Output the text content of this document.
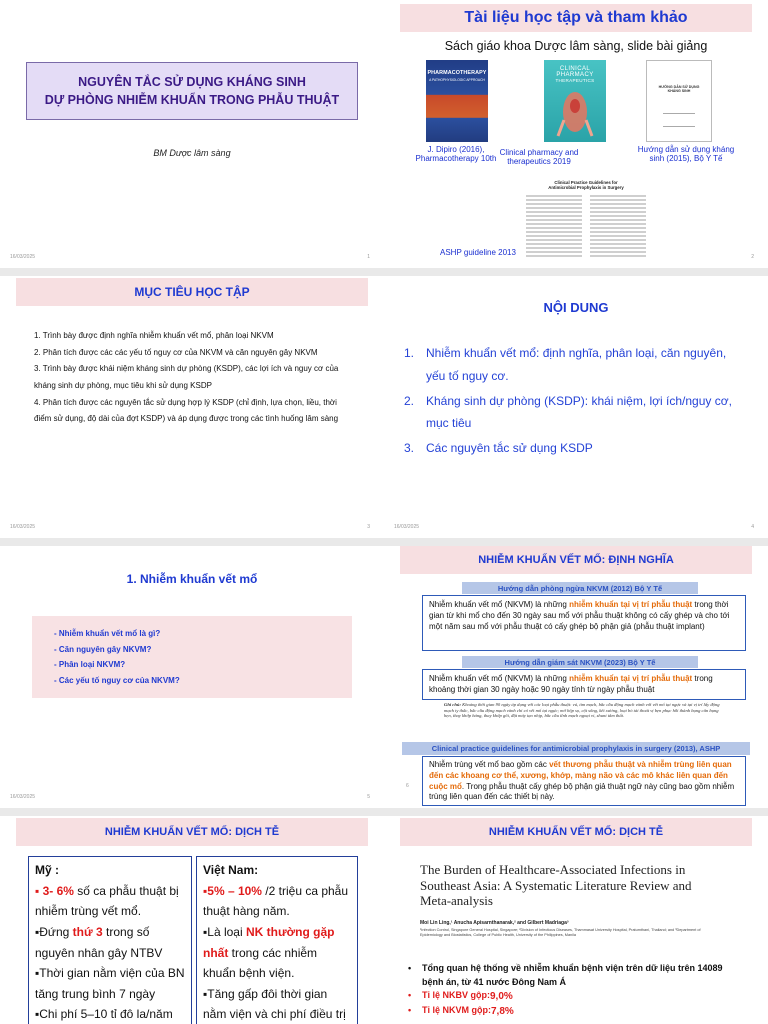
NGUYÊN TẮC SỬ DỤNG KHÁNG SINH
DỰ PHÒNG NHIỄM KHUẨN TRONG PHẪU THUẬT
BM Dược lâm sàng
16/03/2025	1
Tài liệu học tập và tham khảo
Sách giáo khoa Dược lâm sàng, slide bài giảng
PHARMACOTHERAPY
A PATHOPHYSIOLOGIC APPROACH
J. Dipiro (2016), Pharmacotherapy 10th
CLINICAL
PHARMACY
THERAPEUTICS
Clinical pharmacy and therapeutics 2019
HƯỚNG DẪN SỬ DỤNG KHÁNG SINH
Hướng dẫn sử dụng kháng sinh (2015), Bộ Y Tế
Clinical Practice Guidelines for Antimicrobial Prophylaxis in Surgery
ASHP guideline 2013	2
MỤC TIÊU HỌC TẬP
1. Trình bày được định nghĩa nhiễm khuẩn vết mổ, phân loại NKVM
2. Phân tích được các các yếu tố nguy cơ của NKVM và căn nguyên gây NKVM
3. Trình bày được khái niệm kháng sinh dự phòng (KSDP), các lợi ích và nguy cơ của kháng sinh dự phòng, mục tiêu khi sử dụng KSDP
4. Phân tích được các nguyên tắc sử dụng hợp lý KSDP (chỉ định, lựa chọn, liều, thời điểm sử dụng, độ dài của đợt KSDP) và áp dụng được trong các tình huống lâm sàng
16/03/2025	3
NỘI DUNG
1. Nhiễm khuẩn vết mổ: định nghĩa, phân loại, căn nguyên, yếu tố nguy cơ.
2. Kháng sinh dự phòng (KSDP): khái niệm, lợi ích/nguy cơ, mục tiêu
3. Các nguyên tắc sử dụng KSDP
16/03/2025	4
1. Nhiễm khuẩn vết mổ
- Nhiễm khuẩn vết mổ là gì?
- Căn nguyên gây NKVM?
- Phân loại NKVM?
- Các yếu tố nguy cơ của NKVM?
16/03/2025	5
NHIỄM KHUẨN VẾT MỔ: ĐỊNH NGHĨA
Hướng dẫn phòng ngừa NKVM (2012) Bộ Y Tế
Nhiễm khuẩn vết mổ (NKVM) là những nhiễm khuẩn tại vị trí phẫu thuật trong thời gian từ khi mổ cho đến 30 ngày sau mổ với phẫu thuật không có cấy ghép và cho tới một năm sau mổ với phẫu thuật có cấy ghép bộ phận giả (phẫu thuật implant)
Hướng dẫn giám sát NKVM (2023) Bộ Y Tế
Nhiễm khuẩn vết mổ (NKVM) là những nhiễm khuẩn tại vị trí phẫu thuật trong khoảng thời gian 30 ngày hoặc 90 ngày tính từ ngày phẫu thuật
Ghi chú: Khoảng thời gian 90 ngày áp dụng với các loại phẫu thuật: vú, tim mạch, bắc cầu động mạch vành với vết mổ tại ngực và tại vị trí lấy động mạch ty thắc, bắc cầu động mạch vành chỉ có vết mổ tại ngực; mở hộp sọ, cột sống, kết xương, loại bỏ tài thoát vị bẹn phục hồi thành bụng cân bụng hẹn, thay khớp háng, thay khớp gối, đặt máy tạo nhịp, bắc cầu tĩnh mạch ngoại vi, shunt tâm thất.
Clinical practice guidelines for antimicrobial prophylaxis in surgery (2013), ASHP
Nhiễm trùng vết mổ bao gồm các vết thương phẫu thuật và nhiễm trùng liên quan đến các khoang cơ thể, xương, khớp, màng não và các mô khác liên quan đến cuộc mổ. Trong phẫu thuật cấy ghép bộ phận giả thuật ngữ này cũng bao gồm nhiễm trùng liên quan đến các thiết bị này.
6
NHIỄM KHUẨN VẾT MỔ: DỊCH TỄ
Mỹ :
▪ 3- 6% số ca phẫu thuật bị nhiễm trùng vết mổ.
▪Đứng thứ 3 trong số nguyên nhân gây NTBV
▪Thời gian nằm viện của BN tăng trung bình 7 ngày
▪Chi phí 5–10 tỉ đô la/năm
Việt Nam:
▪5% – 10% /2 triệu ca phẫu thuật hàng năm.
▪Là loại NK thường gặp nhất trong các nhiễm khuẩn bệnh viện.
▪Tăng gấp đôi thời gian nằm viện và chi phí điều trị
NHIỄM KHUẨN VẾT MỔ: DỊCH TỄ
The Burden of Healthcare-Associated Infections in Southeast Asia: A Systematic Literature Review and Meta-analysis
Moi Lin Ling,¹ Anucha Apisarnthanarak,² and Gilbert Madriaga³
¹Infection Control, Singapore General Hospital, Singapore; ²Division of Infectious Diseases, Thammasat University Hospital, Pratumthani, Thailand; and ³Department of Epidemiology and Biostatistics, College of Public Health, University of the Philippines, Manila
•	Tổng quan hệ thống về nhiễm khuẩn bệnh viện trên dữ liệu trên 14089 bệnh án, từ 41 nước Đông Nam Á
•	Tỉ lệ NKBV gộp: 9,0%
•	Tỉ lệ NKVM gộp: 7,8%
